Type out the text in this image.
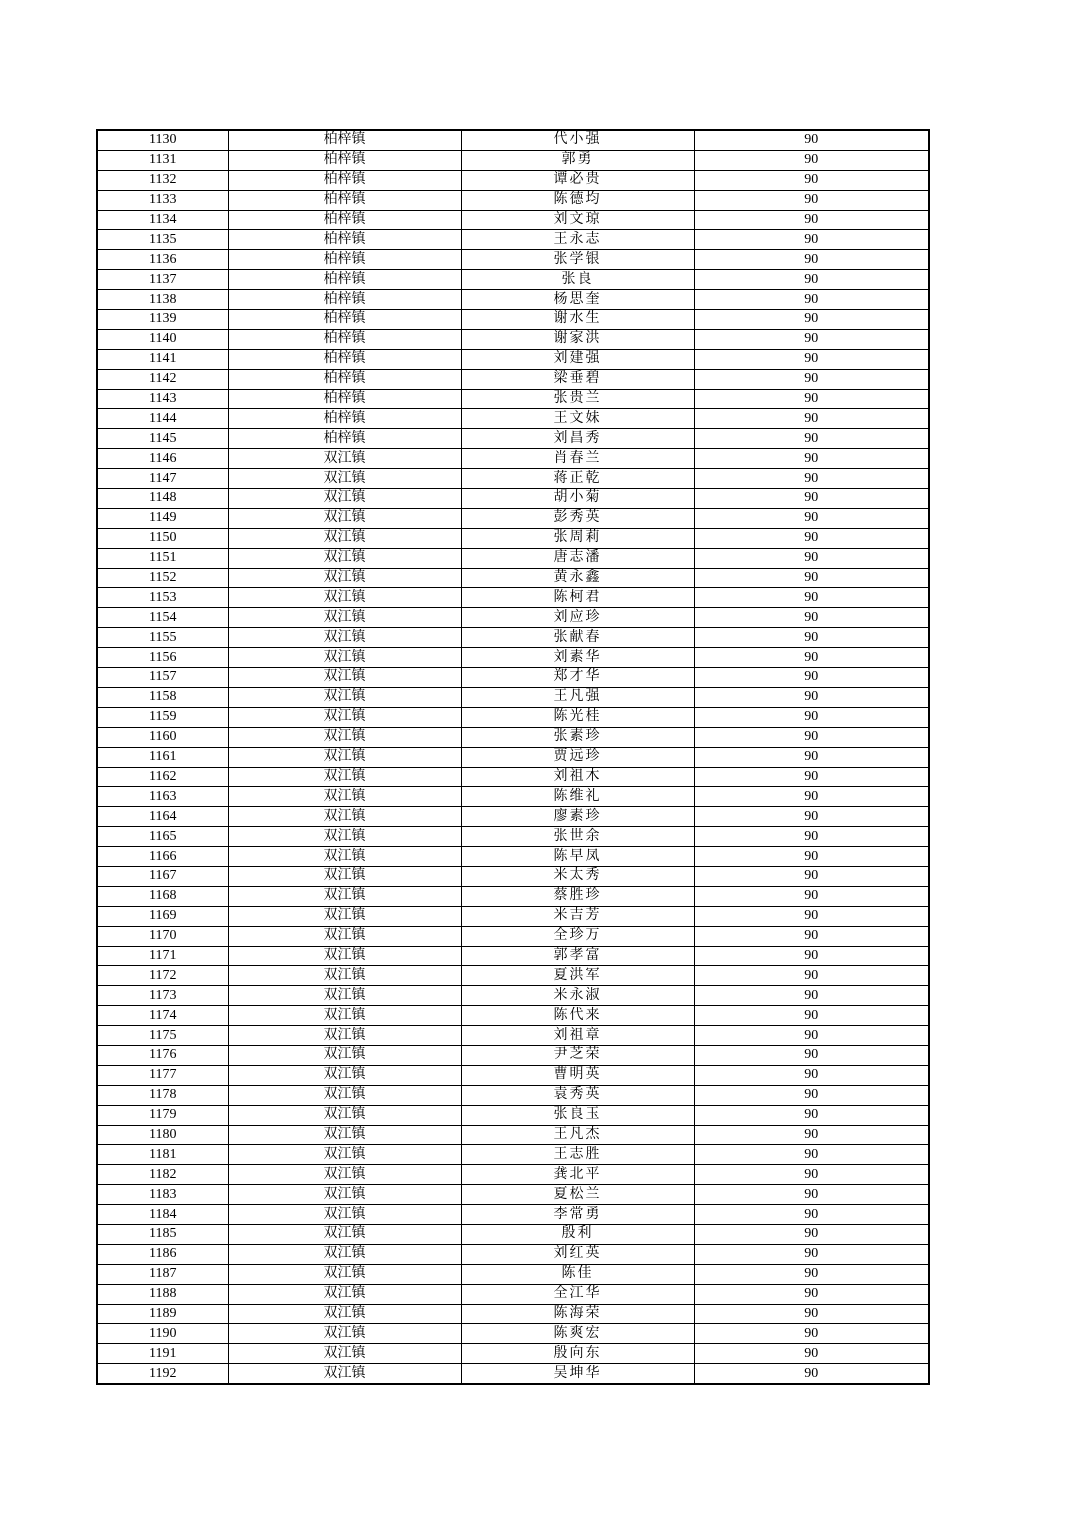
1130	柏梓镇	代小强	90
1131	柏梓镇	郭勇	90
1132	柏梓镇	谭必贵	90
1133	柏梓镇	陈德均	90
1134	柏梓镇	刘文琼	90
1135	柏梓镇	王永志	90
1136	柏梓镇	张学银	90
1137	柏梓镇	张良	90
1138	柏梓镇	杨思奎	90
1139	柏梓镇	谢水生	90
1140	柏梓镇	谢家洪	90
1141	柏梓镇	刘建强	90
1142	柏梓镇	梁垂碧	90
1143	柏梓镇	张贵兰	90
1144	柏梓镇	王文妹	90
1145	柏梓镇	刘昌秀	90
1146	双江镇	肖春兰	90
1147	双江镇	蒋正乾	90
1148	双江镇	胡小菊	90
1149	双江镇	彭秀英	90
1150	双江镇	张周莉	90
1151	双江镇	唐志潘	90
1152	双江镇	黄永鑫	90
1153	双江镇	陈柯君	90
1154	双江镇	刘应珍	90
1155	双江镇	张献春	90
1156	双江镇	刘素华	90
1157	双江镇	郑才华	90
1158	双江镇	王凡强	90
1159	双江镇	陈光桂	90
1160	双江镇	张素珍	90
1161	双江镇	贾远珍	90
1162	双江镇	刘祖木	90
1163	双江镇	陈维礼	90
1164	双江镇	廖素珍	90
1165	双江镇	张世余	90
1166	双江镇	陈早凤	90
1167	双江镇	米太秀	90
1168	双江镇	蔡胜珍	90
1169	双江镇	米吉芳	90
1170	双江镇	全珍万	90
1171	双江镇	郭孝富	90
1172	双江镇	夏洪军	90
1173	双江镇	米永淑	90
1174	双江镇	陈代来	90
1175	双江镇	刘祖章	90
1176	双江镇	尹芝荣	90
1177	双江镇	曹明英	90
1178	双江镇	袁秀英	90
1179	双江镇	张良玉	90
1180	双江镇	王凡杰	90
1181	双江镇	王志胜	90
1182	双江镇	龚北平	90
1183	双江镇	夏松兰	90
1184	双江镇	李常勇	90
1185	双江镇	殷利	90
1186	双江镇	刘红英	90
1187	双江镇	陈佳	90
1188	双江镇	全江华	90
1189	双江镇	陈海荣	90
1190	双江镇	陈爽宏	90
1191	双江镇	殷向东	90
1192	双江镇	吴坤华	90
